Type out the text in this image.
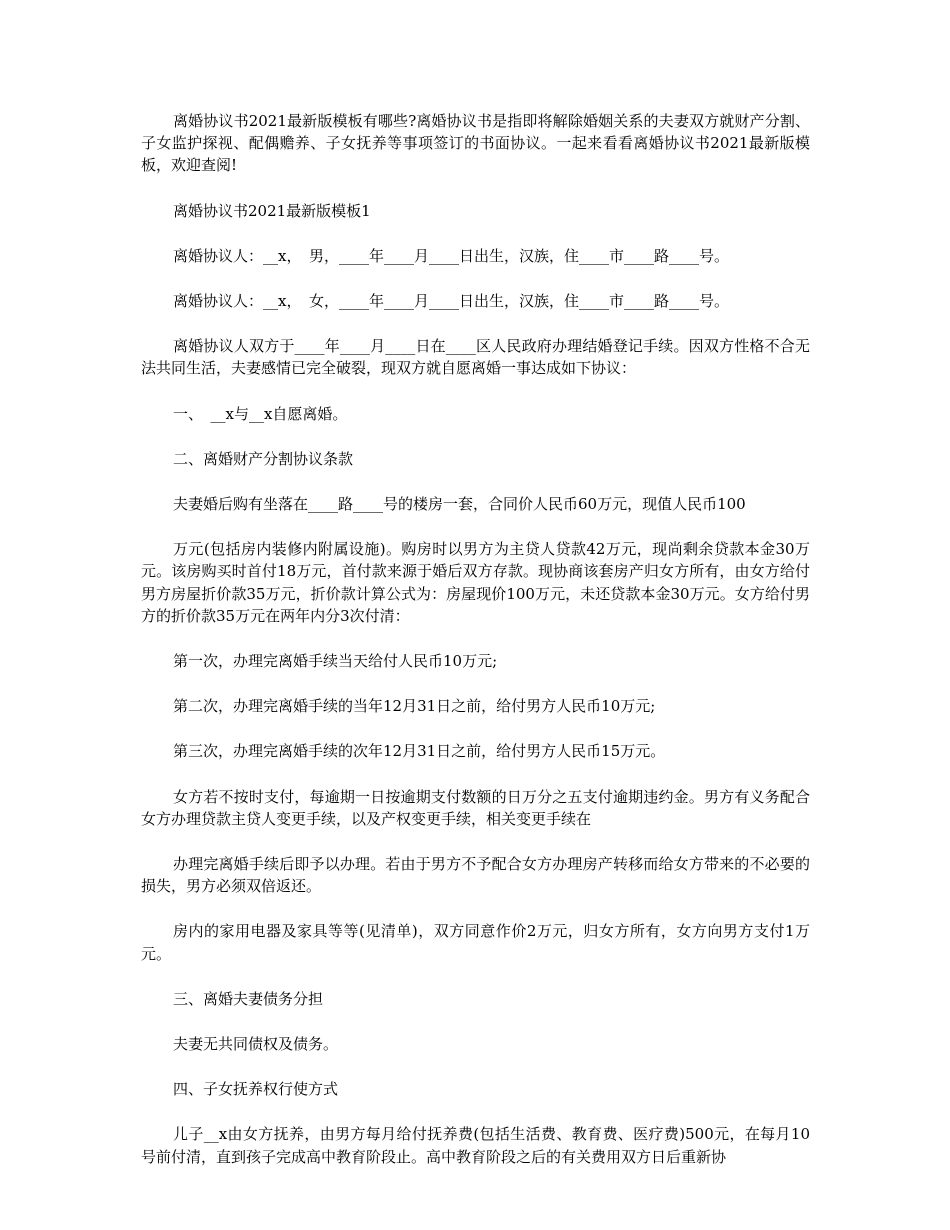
离婚协议书2021最新版模板有哪些?离婚协议书是指即将解除婚姻关系的夫妻双方就财产分割、子女监护探视、配偶赡养、子女抚养等事项签订的书面协议。一起来看看离婚协议书2021最新版模板，欢迎查阅!

离婚协议书2021最新版模板1

离婚协议人：__x，　男，____年____月____日出生，汉族，住____市____路____号。

离婚协议人：__x，　女，____年____月____日出生，汉族，住____市____路____号。

离婚协议人双方于____年____月____日在____区人民政府办理结婚登记手续。因双方性格不合无法共同生活，夫妻感情已完全破裂，现双方就自愿离婚一事达成如下协议：

一、　__x与__x自愿离婚。

二、离婚财产分割协议条款

夫妻婚后购有坐落在____路____号的楼房一套，合同价人民币60万元，现值人民币100

万元(包括房内装修内附属设施)。购房时以男方为主贷人贷款42万元，现尚剩余贷款本金30万元。该房购买时首付18万元，首付款来源于婚后双方存款。现协商该套房产归女方所有，由女方给付男方房屋折价款35万元，折价款计算公式为：房屋现价100万元，未还贷款本金30万元。女方给付男方的折价款35万元在两年内分3次付清：

第一次，办理完离婚手续当天给付人民币10万元;

第二次，办理完离婚手续的当年12月31日之前，给付男方人民币10万元;

第三次，办理完离婚手续的次年12月31日之前，给付男方人民币15万元。

女方若不按时支付，每逾期一日按逾期支付数额的日万分之五支付逾期违约金。男方有义务配合女方办理贷款主贷人变更手续，以及产权变更手续，相关变更手续在

办理完离婚手续后即予以办理。若由于男方不予配合女方办理房产转移而给女方带来的不必要的损失，男方必须双倍返还。

房内的家用电器及家具等等(见清单)，双方同意作价2万元，归女方所有，女方向男方支付1万元。

三、离婚夫妻债务分担

夫妻无共同债权及债务。

四、子女抚养权行使方式

儿子__x由女方抚养，由男方每月给付抚养费(包括生活费、教育费、医疗费)500元，在每月10号前付清，直到孩子完成高中教育阶段止。高中教育阶段之后的有关费用双方日后重新协
